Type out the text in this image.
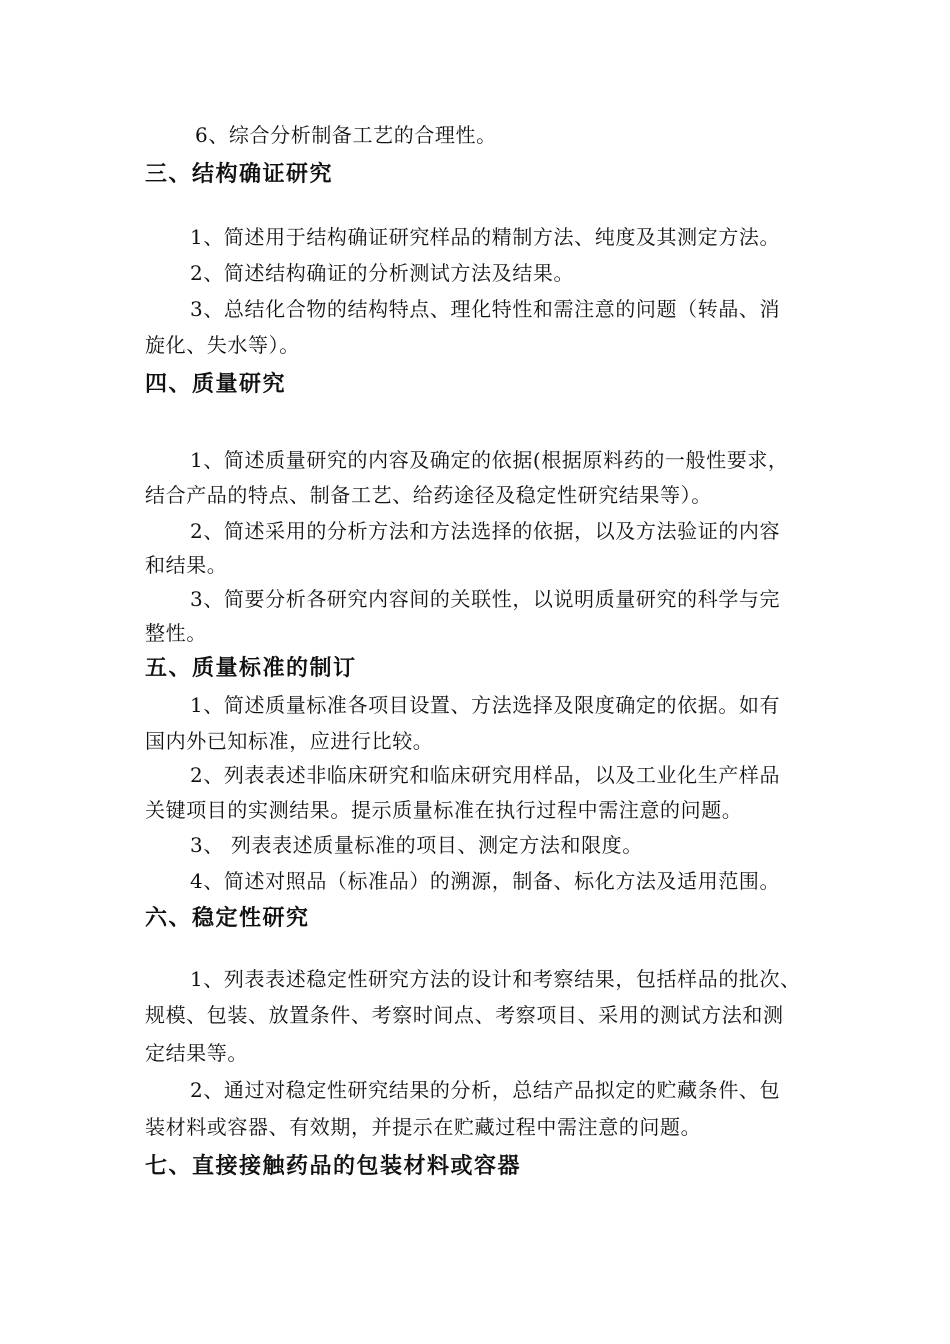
6、综合分析制备工艺的合理性。
三、结构确证研究
1、简述用于结构确证研究样品的精制方法、纯度及其测定方法。
2、简述结构确证的分析测试方法及结果。
3、总结化合物的结构特点、理化特性和需注意的问题（转晶、消
旋化、失水等）。
四、质量研究
1、简述质量研究的内容及确定的依据(根据原料药的一般性要求，
结合产品的特点、制备工艺、给药途径及稳定性研究结果等）。
2、简述采用的分析方法和方法选择的依据，以及方法验证的内容
和结果。
3、简要分析各研究内容间的关联性，以说明质量研究的科学与完
整性。
五、质量标准的制订
1、简述质量标准各项目设置、方法选择及限度确定的依据。如有
国内外已知标准，应进行比较。
2、列表表述非临床研究和临床研究用样品，以及工业化生产样品
关键项目的实测结果。提示质量标准在执行过程中需注意的问题。
3、 列表表述质量标准的项目、测定方法和限度。
4、简述对照品（标准品）的溯源，制备、标化方法及适用范围。
六、稳定性研究
1、列表表述稳定性研究方法的设计和考察结果，包括样品的批次、
规模、包装、放置条件、考察时间点、考察项目、采用的测试方法和测
定结果等。
2、通过对稳定性研究结果的分析，总结产品拟定的贮藏条件、包
装材料或容器、有效期，并提示在贮藏过程中需注意的问题。
七、直接接触药品的包装材料或容器
